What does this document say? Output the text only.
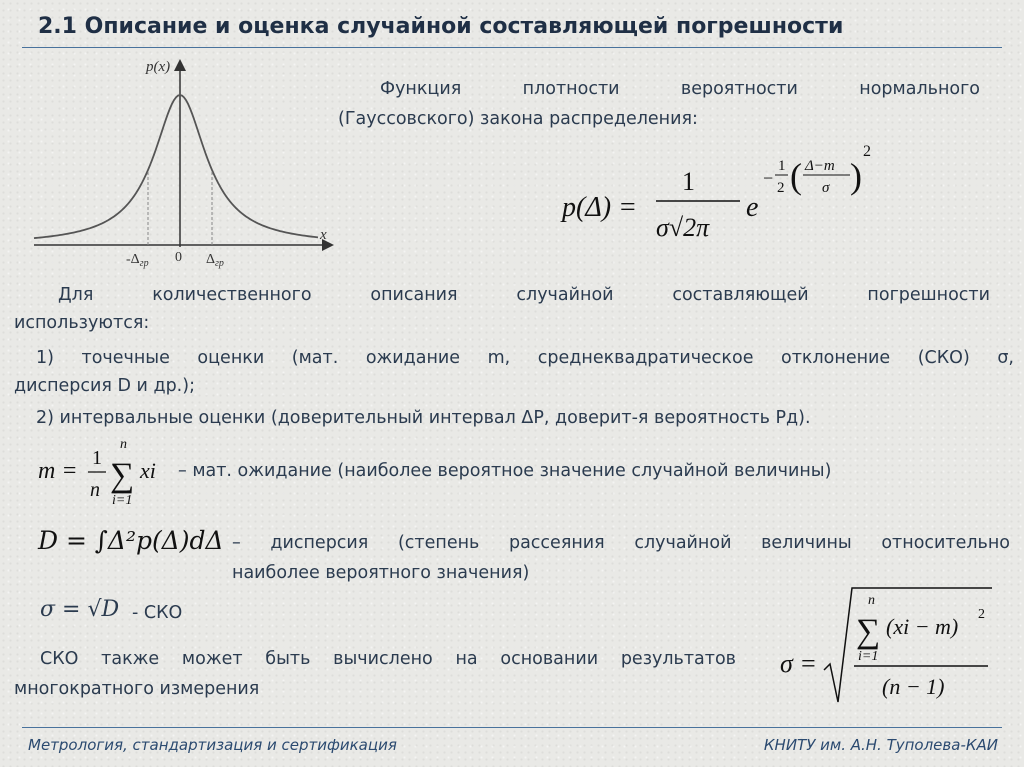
2.1 Описание и оценка случайной составляющей погрешности
p(x)
x
$-\Delta_{гр}$ 0 $\Delta_{гр}$
Функция плотности вероятности нормального
(Гауссовского) закона распределения:
p(Δ) =
1
σ√2π
e
−
1
2 ( Δ−m
σ )
2
Для количественного описания случайной составляющей погрешности
используются:
1) точечные оценки (мат. ожидание m, среднеквадратическое отклонение (СКО) σ,
дисперсия D и др.);
2) интервальные оценки (доверительный интервал ΔР, доверит-я вероятность Pд).
m = 1
n
n
∑
i=1
xi – мат. ожидание (наиболее вероятное значение случайной величины)
D = ∫Δ²p(Δ)dΔ – дисперсия (степень рассеяния случайной величины относительно
наиболее вероятного значения)
σ = √D - СКО
СКО также может быть вычислено на основании результатов
многократного измерения
σ =
n
∑
i=1
(xi − m) 2
(n − 1)
Метрология, стандартизация и сертификация	КНИТУ им. А.Н. Туполева-КАИ
